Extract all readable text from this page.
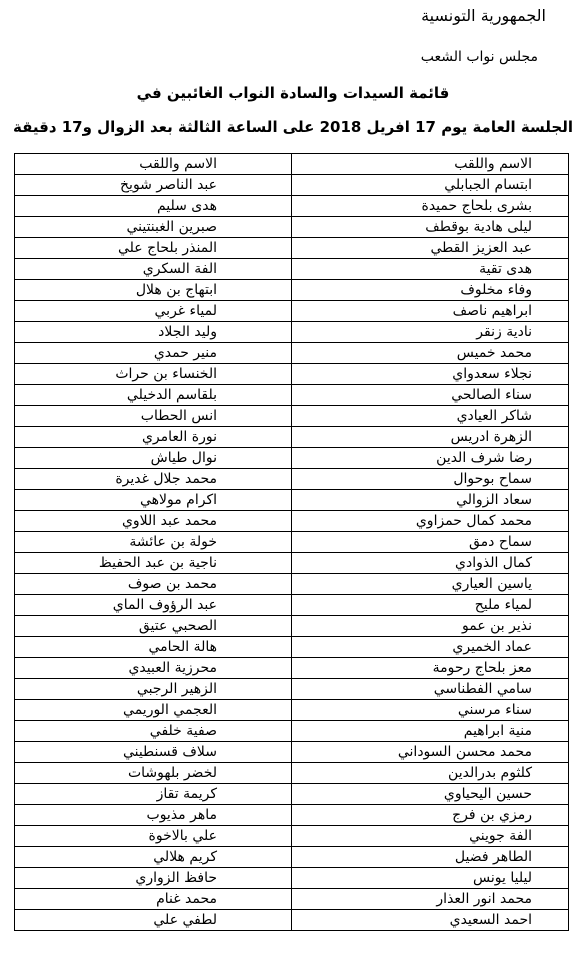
الجمهورية التونسية
مجلس نواب الشعب
قائمة السيدات والسادة النواب الغائبين في
الجلسة العامة يوم 17 افريل 2018 على الساعة الثالثة بعد الزوال و17 دقيقة
الاسم واللقب	الاسم واللقب
ابتسام الجبابلي	عبد الناصر شويخ
بشرى بلحاج حميدة	هدى سليم
ليلى هادية بوقطف	صبرين الغبنتيني
عبد العزيز القطي	المنذر بلحاج علي
هدى تقية	الفة السكري
وفاء مخلوف	ابتهاج بن هلال
ابراهيم ناصف	لمياء غربي
نادية زنقر	وليد الجلاد
محمد خميس	منير حمدي
نجلاء سعدواي	الخنساء بن حراث
سناء الصالحي	بلقاسم الدخيلي
شاكر العيادي	انس الحطاب
الزهرة ادريس	نورة العامري
رضا شرف الدين	نوال طياش
سماح بوحوال	محمد جلال غديرة
سعاد الزوالي	اكرام مولاهي
محمد كمال حمزاوي	محمد عبد اللاوي
سماح دمق	خولة بن عائشة
كمال الذوادي	ناجية بن عبد الحفيظ
ياسين العياري	محمد بن صوف
لمياء مليح	عبد الرؤوف الماي
نذير بن عمو	الصحبي عتيق
عماد الخميري	هالة الحامي
معز بلحاج رحومة	محرزية العبيدي
سامي الفطناسي	الزهير الرجبي
سناء مرسني	العجمي الوريمي
منية ابراهيم	صفية خلفي
محمد محسن السوداني	سلاف قسنطيني
كلثوم بدرالدين	لخضر بلهوشات
حسين اليحياوي	كريمة تقاز
رمزي بن فرج	ماهر مذيوب
الفة جويني	علي بالاخوة
الطاهر فضيل	كريم هلالي
ليليا يونس	حافظ الزواري
محمد انور العذار	محمد غنام
احمد السعيدي	لطفي علي
